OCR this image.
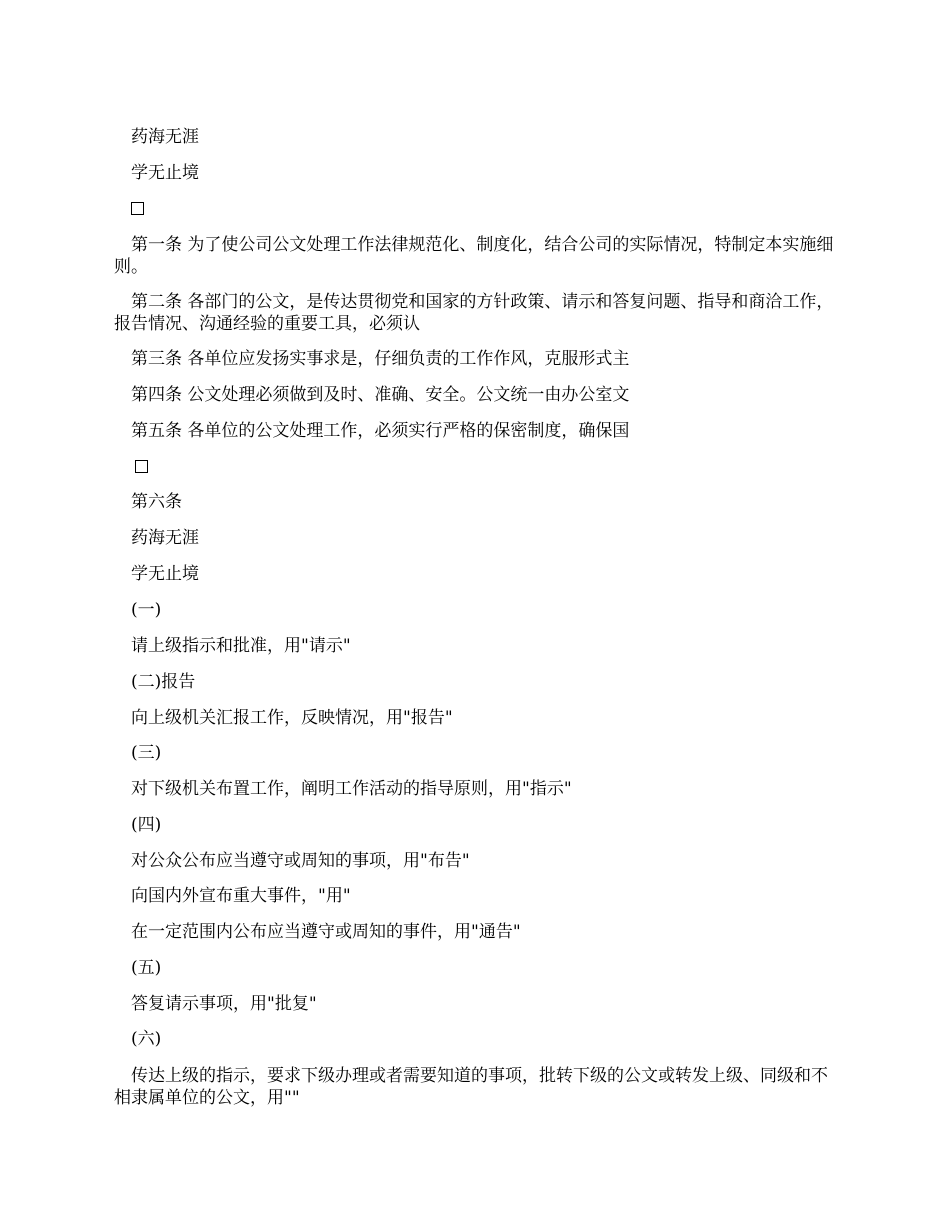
药海无涯
学无止境
第一条 为了使公司公文处理工作法律规范化、制度化，结合公司的实际情况，特制定本实施细则。
第二条 各部门的公文，是传达贯彻党和国家的方针政策、请示和答复问题、指导和商洽工作，报告情况、沟通经验的重要工具，必须认
第三条 各单位应发扬实事求是，仔细负责的工作作风，克服形式主
第四条 公文处理必须做到及时、准确、安全。公文统一由办公室文
第五条 各单位的公文处理工作，必须实行严格的保密制度，确保国
第六条
药海无涯
学无止境
(一)
请上级指示和批准，用"请示"
(二)报告
向上级机关汇报工作，反映情况，用"报告"
(三)
对下级机关布置工作，阐明工作活动的指导原则，用"指示"
(四)
对公众公布应当遵守或周知的事项，用"布告"
向国内外宣布重大事件，"用"
在一定范围内公布应当遵守或周知的事件，用"通告"
(五)
答复请示事项，用"批复"
(六)
传达上级的指示，要求下级办理或者需要知道的事项，批转下级的公文或转发上级、同级和不相隶属单位的公文，用""
